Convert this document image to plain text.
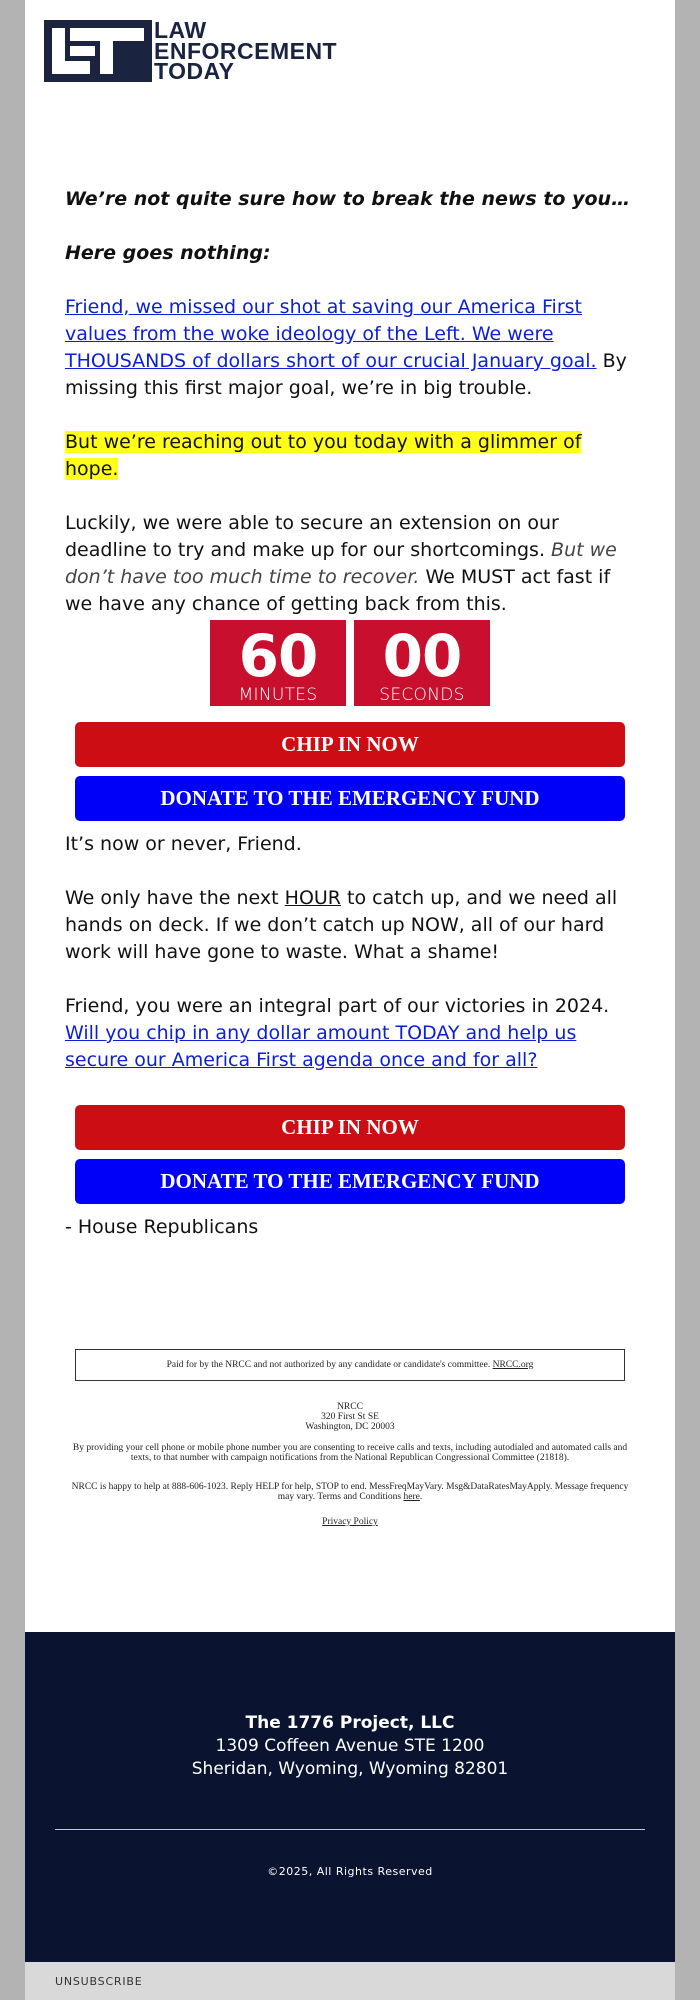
LAW
ENFORCEMENT
TODAY

We’re not quite sure how to break the news to you…

Here goes nothing:

Friend, we missed our shot at saving our America First values from the woke ideology of the Left. We were THOUSANDS of dollars short of our crucial January goal. By missing this first major goal, we’re in big trouble.

But we’re reaching out to you today with a glimmer of hope.

Luckily, we were able to secure an extension on our deadline to try and make up for our shortcomings. But we don’t have too much time to recover. We MUST act fast if we have any chance of getting back from this.

60
MINUTES
00
SECONDS
CHIP IN NOW
DONATE TO THE EMERGENCY FUND
It’s now or never, Friend.
We only have the next HOUR to catch up, and we need all hands on deck. If we don’t catch up NOW, all of our hard work will have gone to waste. What a shame!
Friend, you were an integral part of our victories in 2024. Will you chip in any dollar amount TODAY and help us secure our America First agenda once and for all?
CHIP IN NOW
DONATE TO THE EMERGENCY FUND
- House Republicans
Paid for by the NRCC and not authorized by any candidate or candidate's committee. NRCC.org
NRCC
320 First St SE
Washington, DC 20003
By providing your cell phone or mobile phone number you are consenting to receive calls and texts, including autodialed and automated calls and texts, to that number with campaign notifications from the National Republican Congressional Committee (21818).
NRCC is happy to help at 888-606-1023. Reply HELP for help, STOP to end. MessFreqMayVary. Msg&DataRatesMayApply. Message frequency may vary. Terms and Conditions here.
Privacy Policy
The 1776 Project, LLC
1309 Coffeen Avenue STE 1200
Sheridan, Wyoming, Wyoming 82801
©2025, All Rights Reserved
UNSUBSCRIBE
